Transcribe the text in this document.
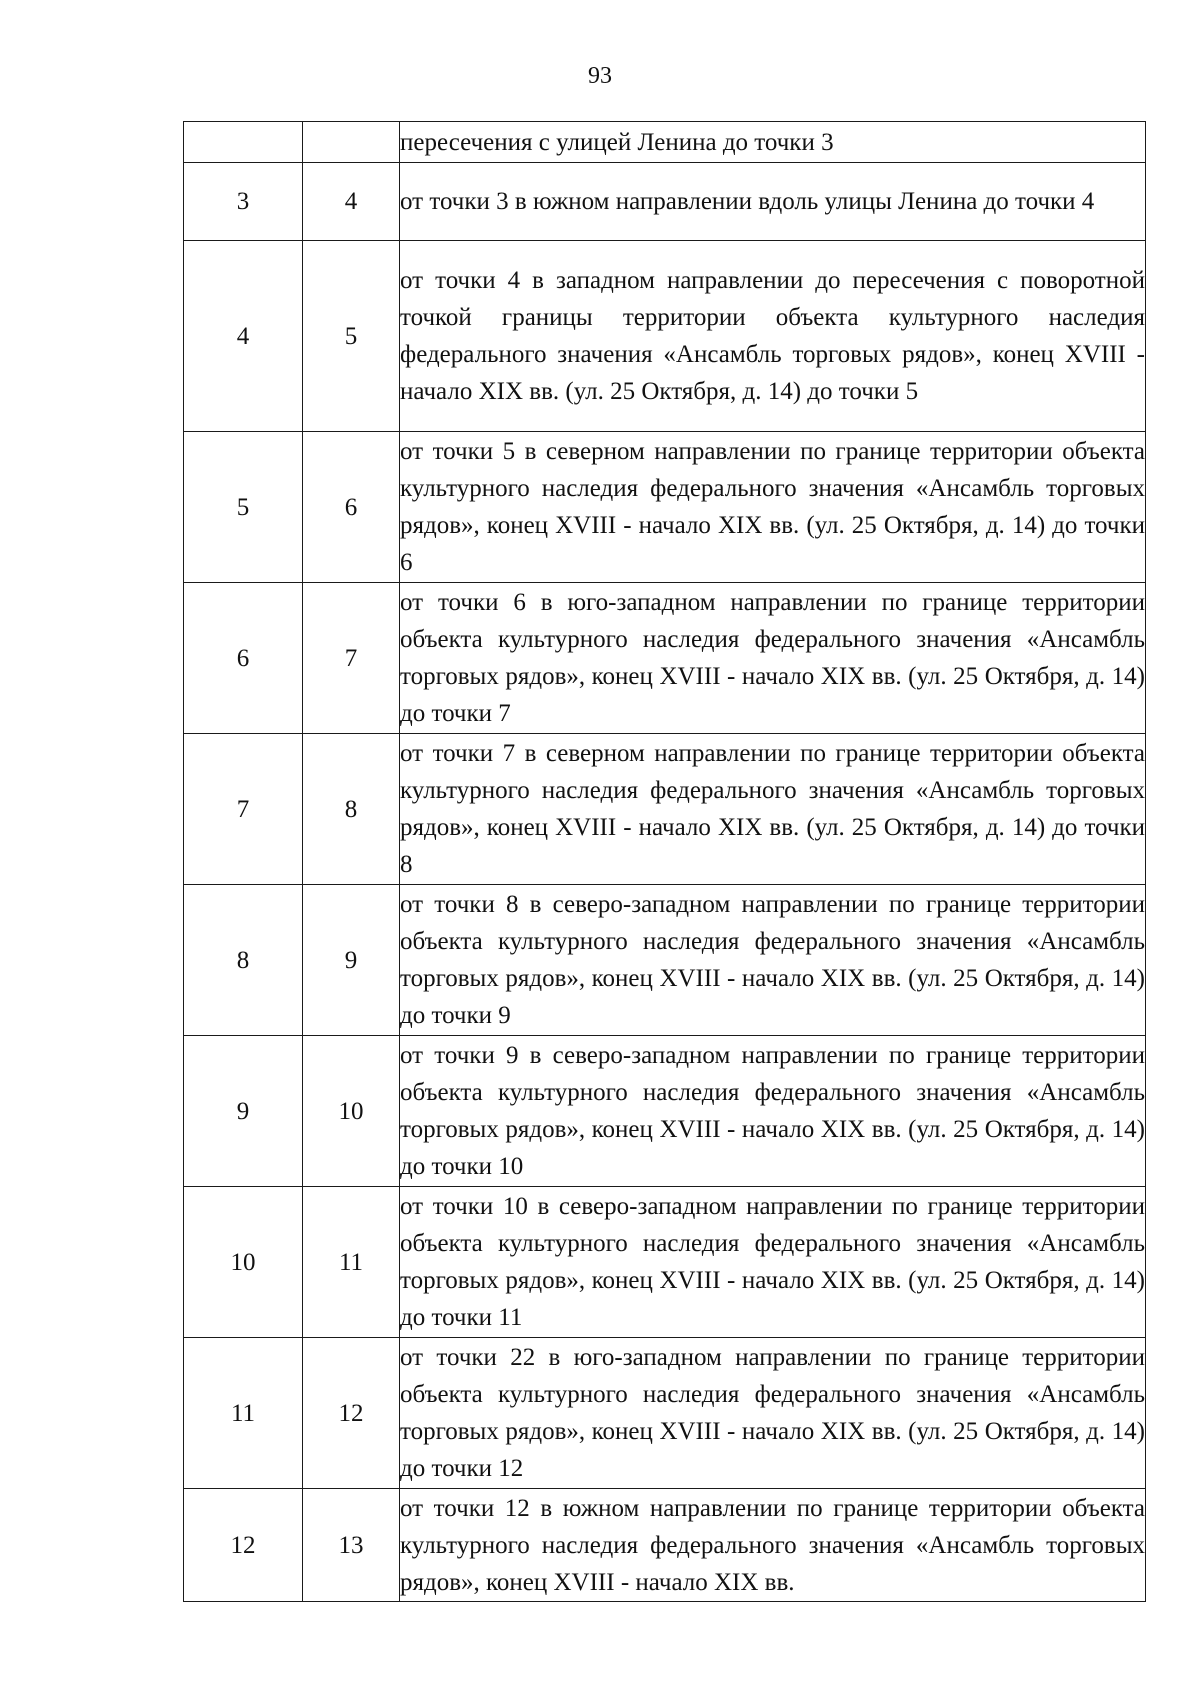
93
		пересечения с улицей Ленина до точки 3
3	4	от точки 3 в южном направлении вдоль улицы Ленина до точки 4
4	5	от точки 4 в западном направлении до пересечения с поворотной точкой границы территории объекта культурного наследия федерального значения «Ансамбль торговых рядов», конец XVIII - начало XIX вв. (ул. 25 Октября, д. 14) до точки 5
5	6	от точки 5 в северном направлении по границе территории объекта культурного наследия федерального значения «Ансамбль торговых рядов», конец XVIII - начало XIX вв. (ул. 25 Октября, д. 14) до точки 6
6	7	от точки 6 в юго-западном направлении по границе территории объекта культурного наследия федерального значения «Ансамбль торговых рядов», конец XVIII - начало XIX вв. (ул. 25 Октября, д. 14) до точки 7
7	8	от точки 7 в северном направлении по границе территории объекта культурного наследия федерального значения «Ансамбль торговых рядов», конец XVIII - начало XIX вв. (ул. 25 Октября, д. 14) до точки 8
8	9	от точки 8 в северо-западном направлении по границе территории объекта культурного наследия федерального значения «Ансамбль торговых рядов», конец XVIII - начало XIX вв. (ул. 25 Октября, д. 14) до точки 9
9	10	от точки 9 в северо-западном направлении по границе территории объекта культурного наследия федерального значения «Ансамбль торговых рядов», конец XVIII - начало XIX вв. (ул. 25 Октября, д. 14) до точки 10
10	11	от точки 10 в северо-западном направлении по границе территории объекта культурного наследия федерального значения «Ансамбль торговых рядов», конец XVIII - начало XIX вв. (ул. 25 Октября, д. 14) до точки 11
11	12	от точки 22 в юго-западном направлении по границе территории объекта культурного наследия федерального значения «Ансамбль торговых рядов», конец XVIII - начало XIX вв. (ул. 25 Октября, д. 14) до точки 12
12	13	от точки 12 в южном направлении по границе территории объекта культурного наследия федерального значения «Ансамбль торговых рядов», конец XVIII - начало XIX вв.
